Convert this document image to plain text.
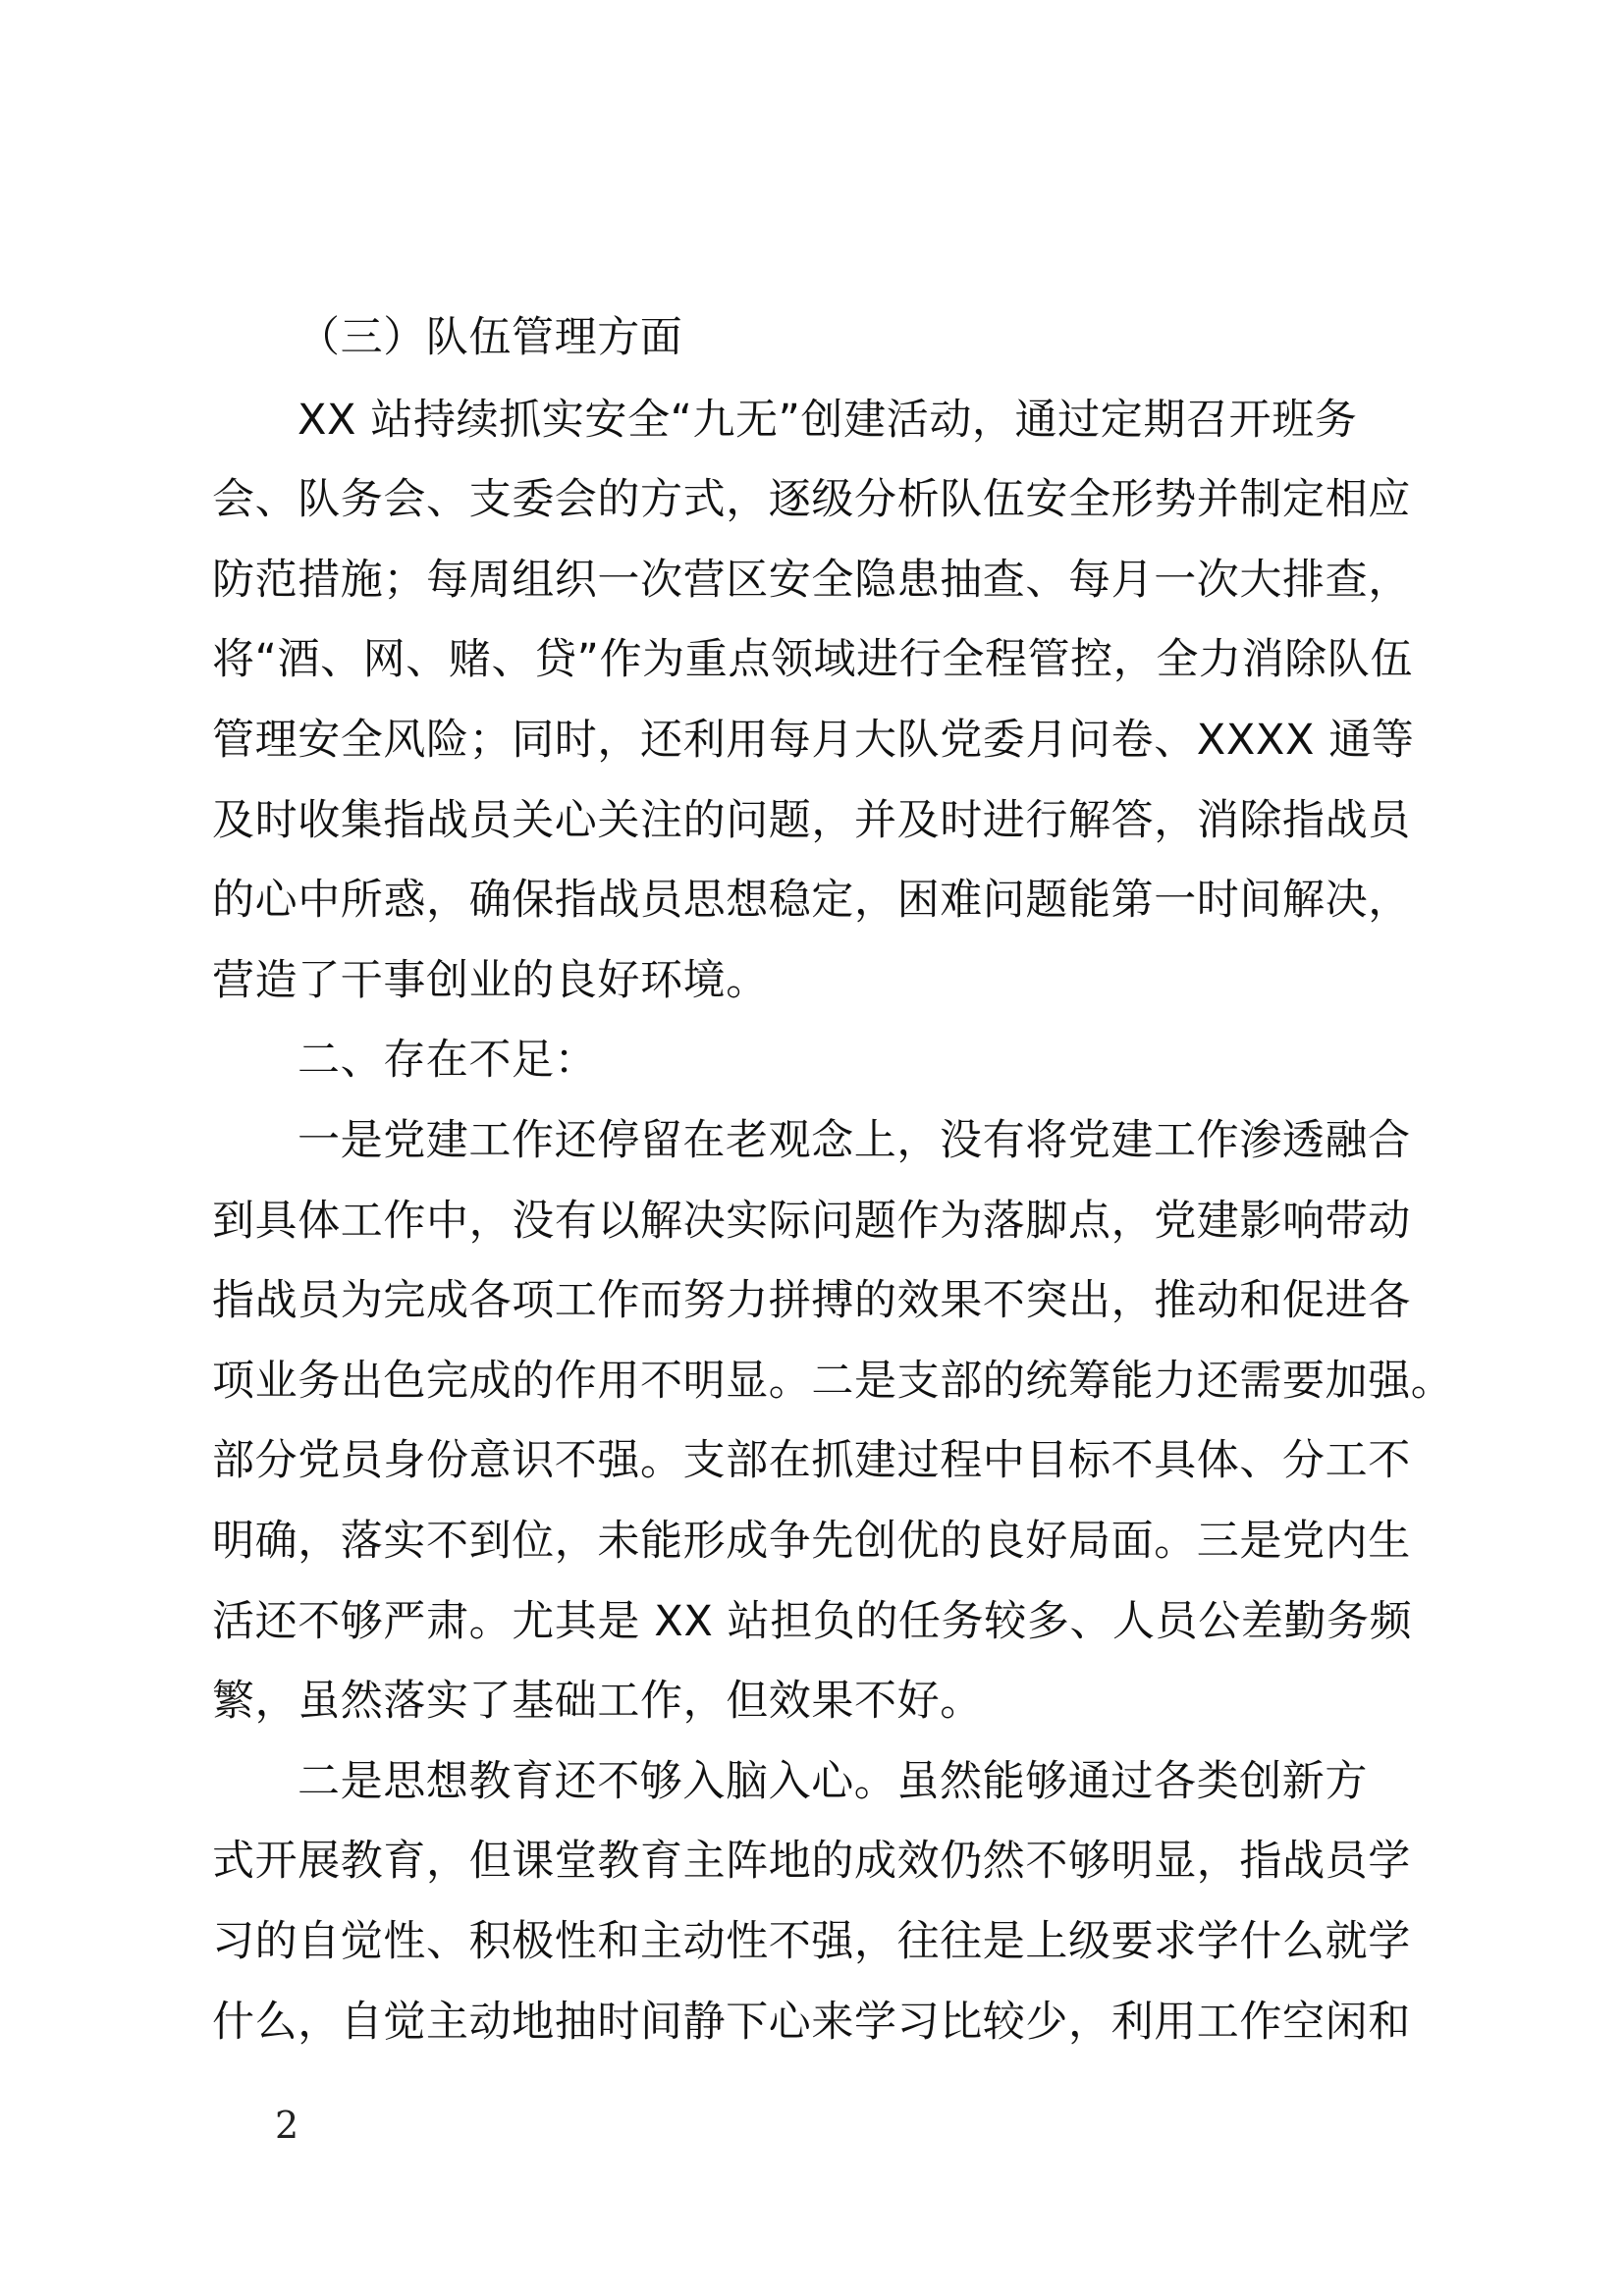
（三）队伍管理方面
XX 站持续抓实安全“九无”创建活动，通过定期召开班务
会、队务会、支委会的方式，逐级分析队伍安全形势并制定相应
防范措施；每周组织一次营区安全隐患抽查、每月一次大排查，
将“酒、网、赌、贷”作为重点领域进行全程管控，全力消除队伍
管理安全风险；同时，还利用每月大队党委月问卷、XXXX 通等
及时收集指战员关心关注的问题，并及时进行解答，消除指战员
的心中所惑，确保指战员思想稳定，困难问题能第一时间解决，
营造了干事创业的良好环境。
二、存在不足：
一是党建工作还停留在老观念上，没有将党建工作渗透融合
到具体工作中，没有以解决实际问题作为落脚点，党建影响带动
指战员为完成各项工作而努力拼搏的效果不突出，推动和促进各
项业务出色完成的作用不明显。二是支部的统筹能力还需要加强。
部分党员身份意识不强。支部在抓建过程中目标不具体、分工不
明确，落实不到位，未能形成争先创优的良好局面。三是党内生
活还不够严肃。尤其是 XX 站担负的任务较多、人员公差勤务频
繁，虽然落实了基础工作，但效果不好。
二是思想教育还不够入脑入心。虽然能够通过各类创新方
式开展教育，但课堂教育主阵地的成效仍然不够明显，指战员学
习的自觉性、积极性和主动性不强，往往是上级要求学什么就学
什么，自觉主动地抽时间静下心来学习比较少，利用工作空闲和
2
